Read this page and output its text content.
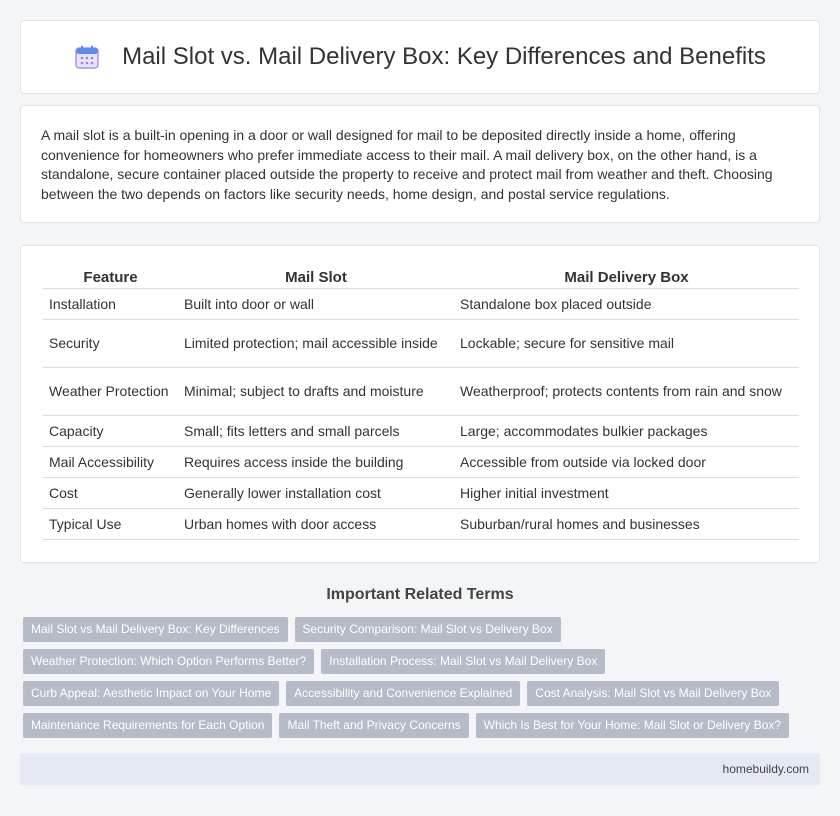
Mail Slot vs. Mail Delivery Box: Key Differences and Benefits

A mail slot is a built-in opening in a door or wall designed for mail to be deposited directly inside a home, offering convenience for homeowners who prefer immediate access to their mail. A mail delivery box, on the other hand, is a standalone, secure container placed outside the property to receive and protect mail from weather and theft. Choosing between the two depends on factors like security needs, home design, and postal service regulations.

Feature	Mail Slot	Mail Delivery Box
Installation	Built into door or wall	Standalone box placed outside
Security	Limited protection; mail accessible inside	Lockable; secure for sensitive mail
Weather Protection	Minimal; subject to drafts and moisture	Weatherproof; protects contents from rain and snow
Capacity	Small; fits letters and small parcels	Large; accommodates bulkier packages
Mail Accessibility	Requires access inside the building	Accessible from outside via locked door
Cost	Generally lower installation cost	Higher initial investment
Typical Use	Urban homes with door access	Suburban/rural homes and businesses
Important Related Terms
Mail Slot vs Mail Delivery Box: Key Differences	Security Comparison: Mail Slot vs Delivery Box
Weather Protection: Which Option Performs Better?	Installation Process: Mail Slot vs Mail Delivery Box
Curb Appeal: Aesthetic Impact on Your Home	Accessibility and Convenience Explained	Cost Analysis: Mail Slot vs Mail Delivery Box
Maintenance Requirements for Each Option	Mail Theft and Privacy Concerns	Which Is Best for Your Home: Mail Slot or Delivery Box?
homebuildy.com
